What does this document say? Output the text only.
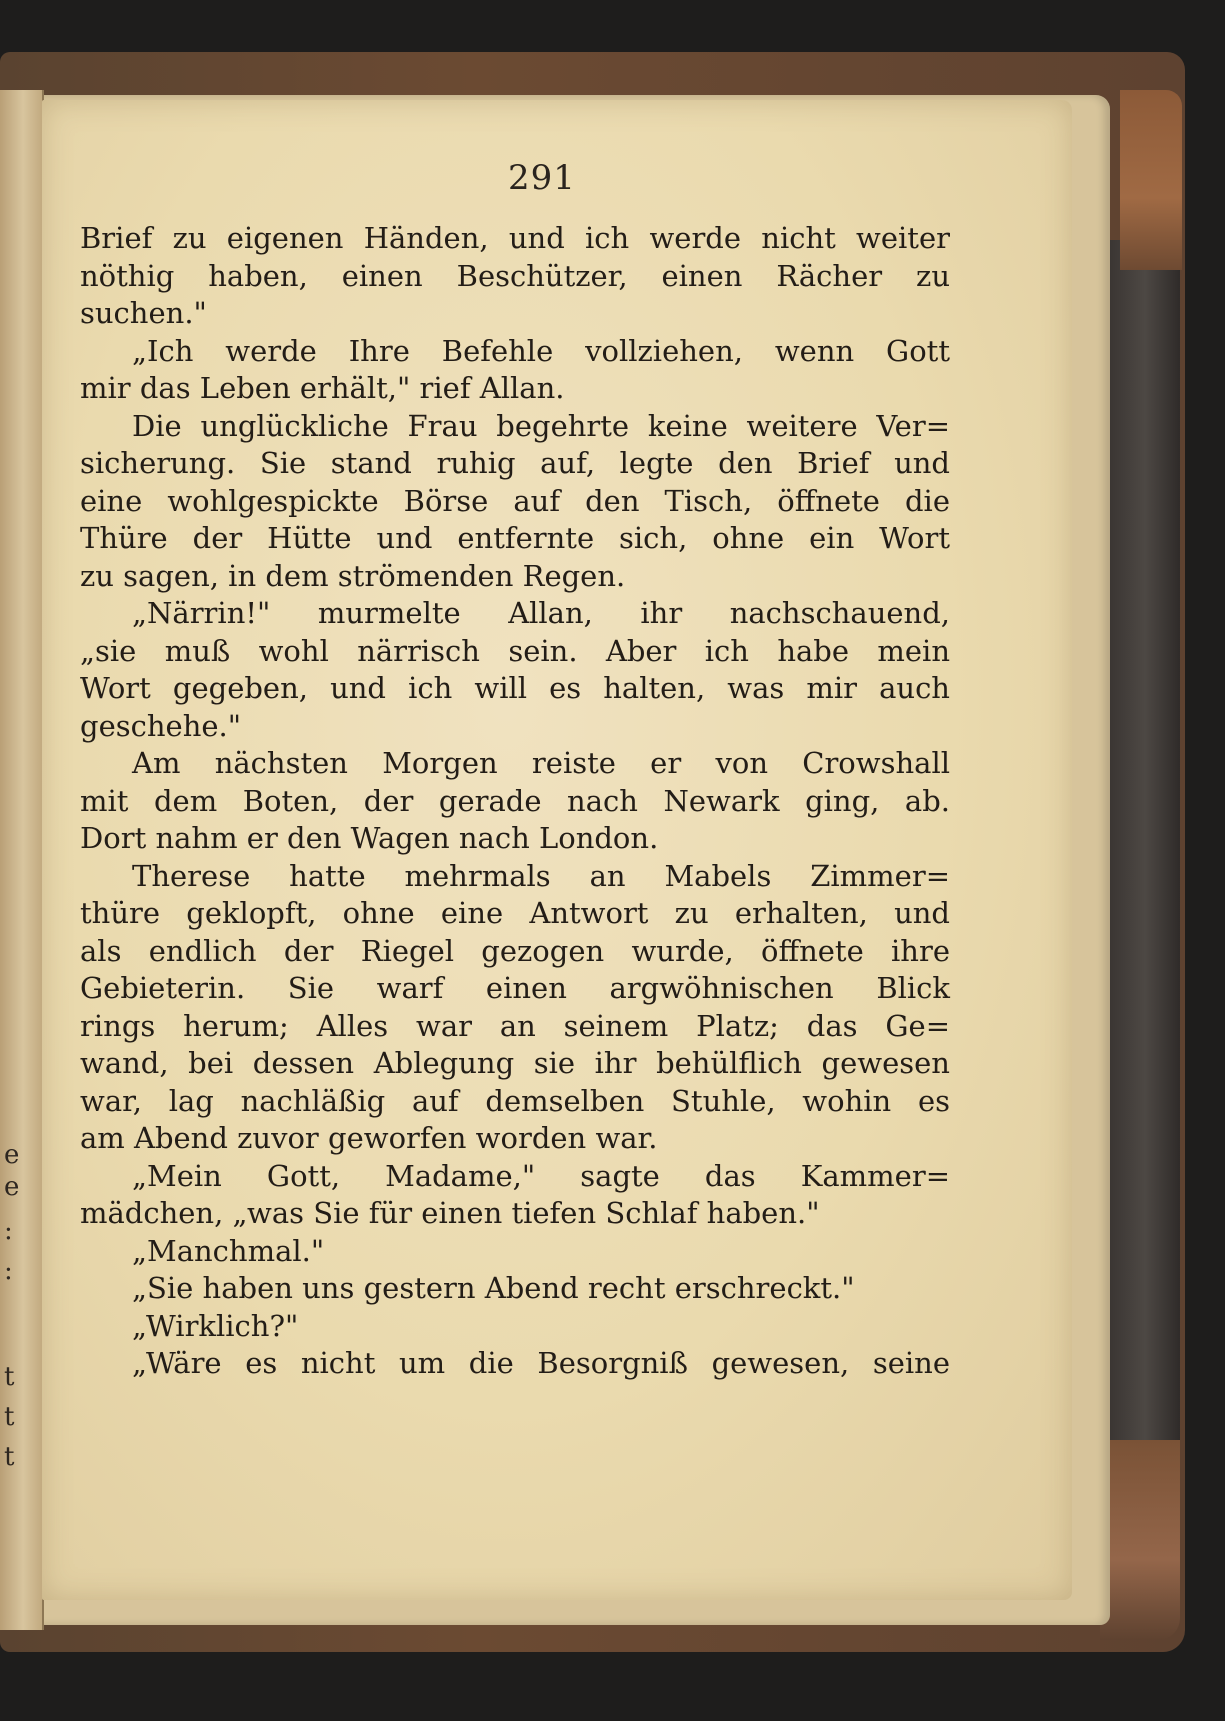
e
e
:
:
t
t
t
291
Brief zu eigenen Händen, und ich werde nicht weiter
nöthig haben, einen Beschützer, einen Rächer zu
suchen."
„Ich werde Ihre Befehle vollziehen, wenn Gott
mir das Leben erhält," rief Allan.
Die unglückliche Frau begehrte keine weitere Ver=
sicherung. Sie stand ruhig auf, legte den Brief und
eine wohlgespickte Börse auf den Tisch, öffnete die
Thüre der Hütte und entfernte sich, ohne ein Wort
zu sagen, in dem strömenden Regen.
„Närrin!" murmelte Allan, ihr nachschauend,
„sie muß wohl närrisch sein. Aber ich habe mein
Wort gegeben, und ich will es halten, was mir auch
geschehe."
Am nächsten Morgen reiste er von Crowshall
mit dem Boten, der gerade nach Newark ging, ab.
Dort nahm er den Wagen nach London.
Therese hatte mehrmals an Mabels Zimmer=
thüre geklopft, ohne eine Antwort zu erhalten, und
als endlich der Riegel gezogen wurde, öffnete ihre
Gebieterin. Sie warf einen argwöhnischen Blick
rings herum; Alles war an seinem Platz; das Ge=
wand, bei dessen Ablegung sie ihr behülflich gewesen
war, lag nachläßig auf demselben Stuhle, wohin es
am Abend zuvor geworfen worden war.
„Mein Gott, Madame," sagte das Kammer=
mädchen, „was Sie für einen tiefen Schlaf haben."
„Manchmal."
„Sie haben uns gestern Abend recht erschreckt."
„Wirklich?"
„Wäre es nicht um die Besorgniß gewesen, seine
